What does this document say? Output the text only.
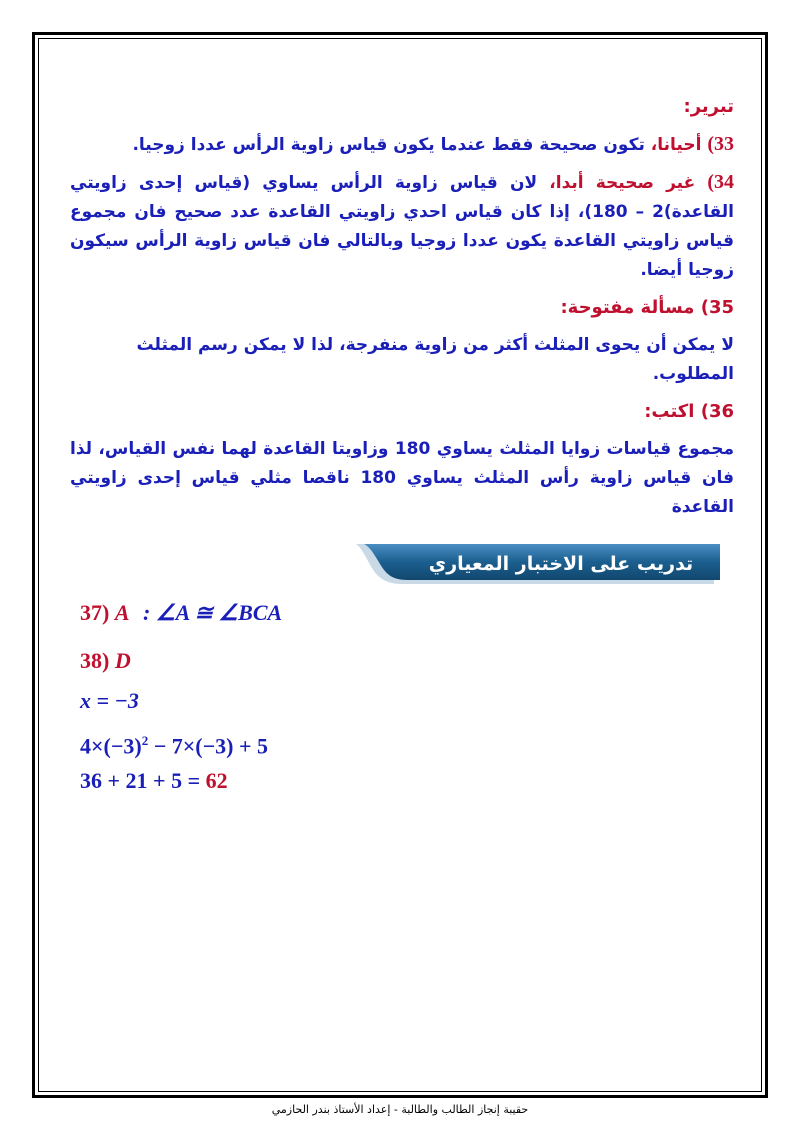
تبرير:

33) أحيانا، تكون صحيحة فقط عندما يكون قياس زاوية الرأس عددا زوجيا.

34) غير صحيحة أبدا، لان قياس زاوية الرأس يساوي (قياس إحدى زاويتي القاعدة)2 – 180)، إذا كان قياس احدي زاويتي القاعدة عدد صحيح فان مجموع قياس زاويتي القاعدة يكون عددا زوجيا وبالتالي فان قياس زاوية الرأس سيكون زوجيا أيضا.

35) مسألة مفتوحة:

لا يمكن أن يحوى المثلث أكثر من زاوية منفرجة، لذا لا يمكن رسم المثلث المطلوب.

36) اكتب:

مجموع قياسات زوايا المثلث يساوي 180 وزاويتا القاعدة لهما نفس القياس، لذا فان قياس زاوية رأس المثلث يساوي 180 ناقصا مثلي قياس إحدى زاويتي القاعدة

تدريب على الاختبار المعياري
37) A : ∠A ≅ ∠BCA
38) D
x = −3
$4\times(-3)^2 - 7\times(-3) + 5$
36 + 21 + 5 = 62
حقيبة إنجاز الطالب والطالبة - إعداد الأستاذ بندر الحازمي
